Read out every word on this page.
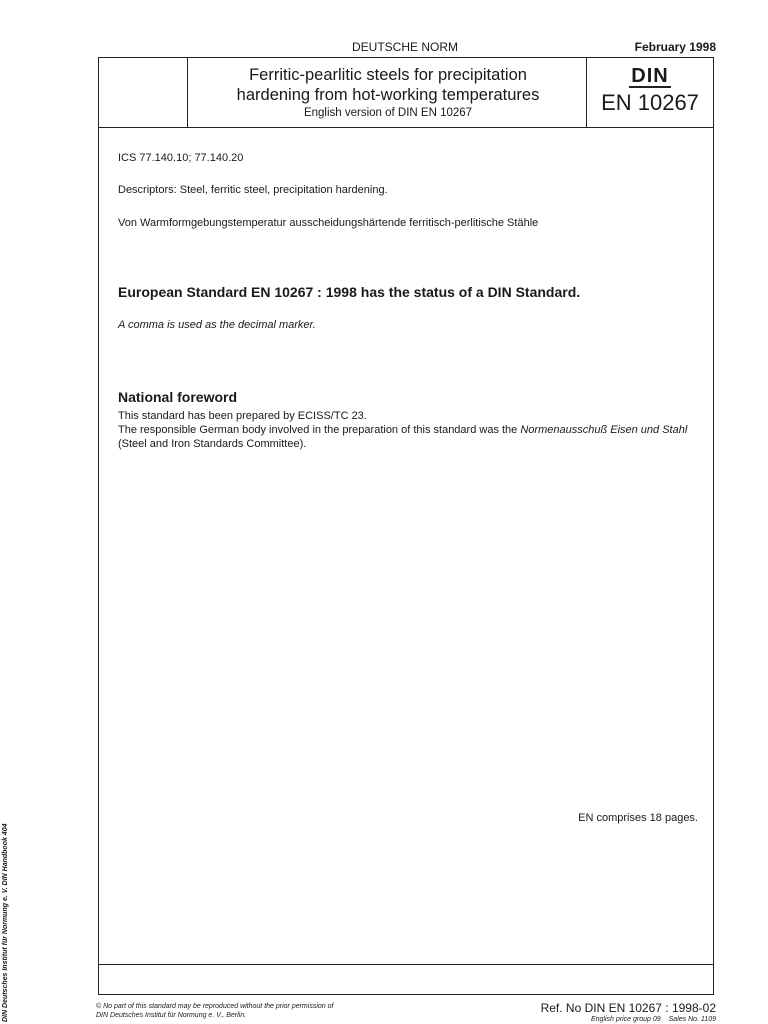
DEUTSCHE NORM	February 1998
Ferritic-pearlitic steels for precipitation
hardening from hot-working temperatures
English version of DIN EN 10267
DIN
EN 10267
ICS 77.140.10; 77.140.20
Descriptors: Steel, ferritic steel, precipitation hardening.
Von Warmformgebungstemperatur ausscheidungshärtende ferritisch-perlitische Stähle
European Standard EN 10267 : 1998 has the status of a DIN Standard.
A comma is used as the decimal marker.
National foreword
This standard has been prepared by ECISS/TC 23.
The responsible German body involved in the preparation of this standard was the Normenausschuß Eisen und Stahl (Steel and Iron Standards Committee).
EN comprises 18 pages.
DIN Deutsches Institut für Normung e. V. DIN Handbook 404	© No part of this standard may be reproduced without the prior permission of
DIN Deutsches Institut für Normung e. V., Berlin.
Ref. No DIN EN 10267 : 1998-02
English price group 09 Sales No. 1109
